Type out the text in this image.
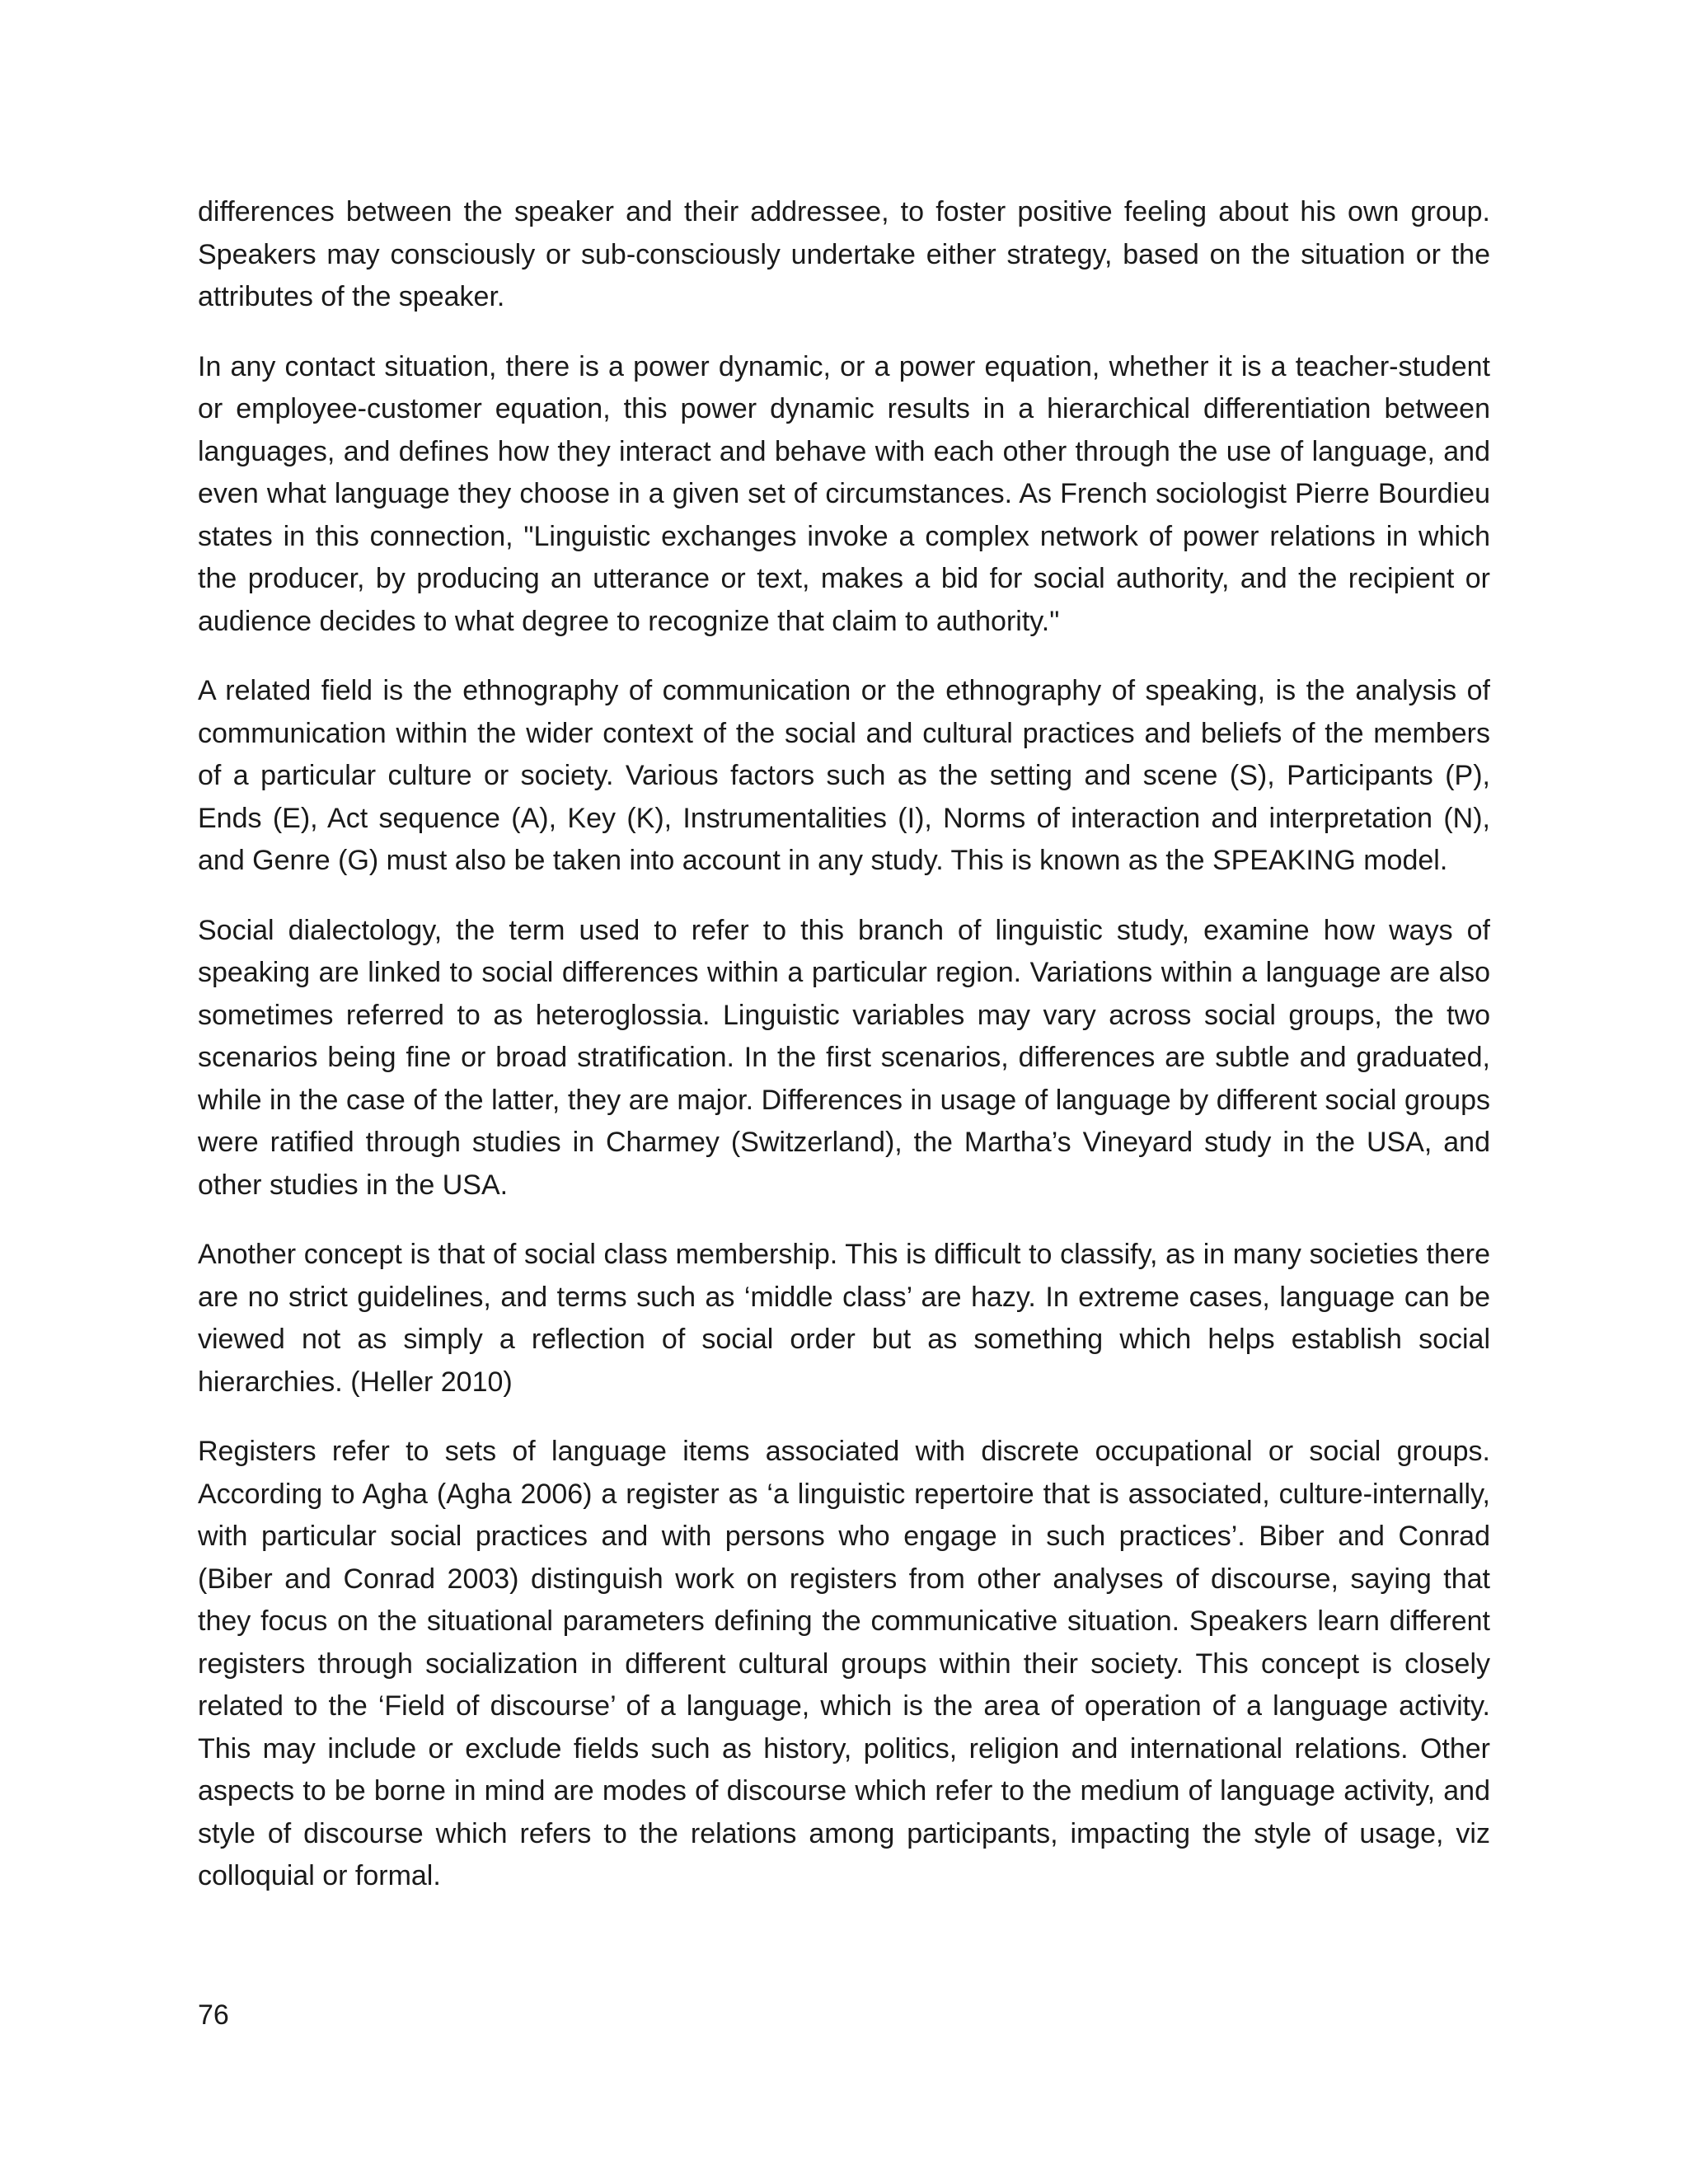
differences between the speaker and their addressee, to foster positive feeling about his own group. Speakers may consciously or sub-consciously undertake either strategy, based on the situation or the attributes of the speaker.

In any contact situation, there is a power dynamic, or a power equation, whether it is a teacher-student or employee-customer equation, this power dynamic results in a hierarchical differentiation between languages, and defines how they interact and behave with each other through the use of language, and even what language they choose in a given set of circumstances. As French sociologist Pierre Bourdieu states in this connection, "Linguistic exchanges invoke a complex network of power relations in which the producer, by producing an utterance or text, makes a bid for social authority, and the recipient or audience decides to what degree to recognize that claim to authority."

A related field is the ethnography of communication or the ethnography of speaking, is the analysis of communication within the wider context of the social and cultural practices and beliefs of the members of a particular culture or society. Various factors such as the setting and scene (S), Participants (P), Ends (E), Act sequence (A), Key (K), Instrumentalities (I), Norms of interaction and interpretation (N), and Genre (G) must also be taken into account in any study. This is known as the SPEAKING model.

Social dialectology, the term used to refer to this branch of linguistic study, examine how ways of speaking are linked to social differences within a particular region. Variations within a language are also sometimes referred to as heteroglossia. Linguistic variables may vary across social groups, the two scenarios being fine or broad stratification. In the first scenarios, differences are subtle and graduated, while in the case of the latter, they are major. Differences in usage of language by different social groups were ratified through studies in Charmey (Switzerland), the Martha’s Vineyard study in the USA, and other studies in the USA.

Another concept is that of social class membership. This is difficult to classify, as in many societies there are no strict guidelines, and terms such as ‘middle class’ are hazy. In extreme cases, language can be viewed not as simply a reflection of social order but as something which helps establish social hierarchies. (Heller 2010)

Registers refer to sets of language items associated with discrete occupational or social groups. According to Agha (Agha 2006) a register as ‘a linguistic repertoire that is associated, culture-internally, with particular social practices and with persons who engage in such practices’. Biber and Conrad (Biber and Conrad 2003) distinguish work on registers from other analyses of discourse, saying that they focus on the situational parameters defining the communicative situation. Speakers learn different registers through socialization in different cultural groups within their society. This concept is closely related to the ‘Field of discourse’ of a language, which is the area of operation of a language activity. This may include or exclude fields such as history, politics, religion and international relations. Other aspects to be borne in mind are modes of discourse which refer to the medium of language activity, and style of discourse which refers to the relations among participants, impacting the style of usage, viz colloquial or formal.

76
